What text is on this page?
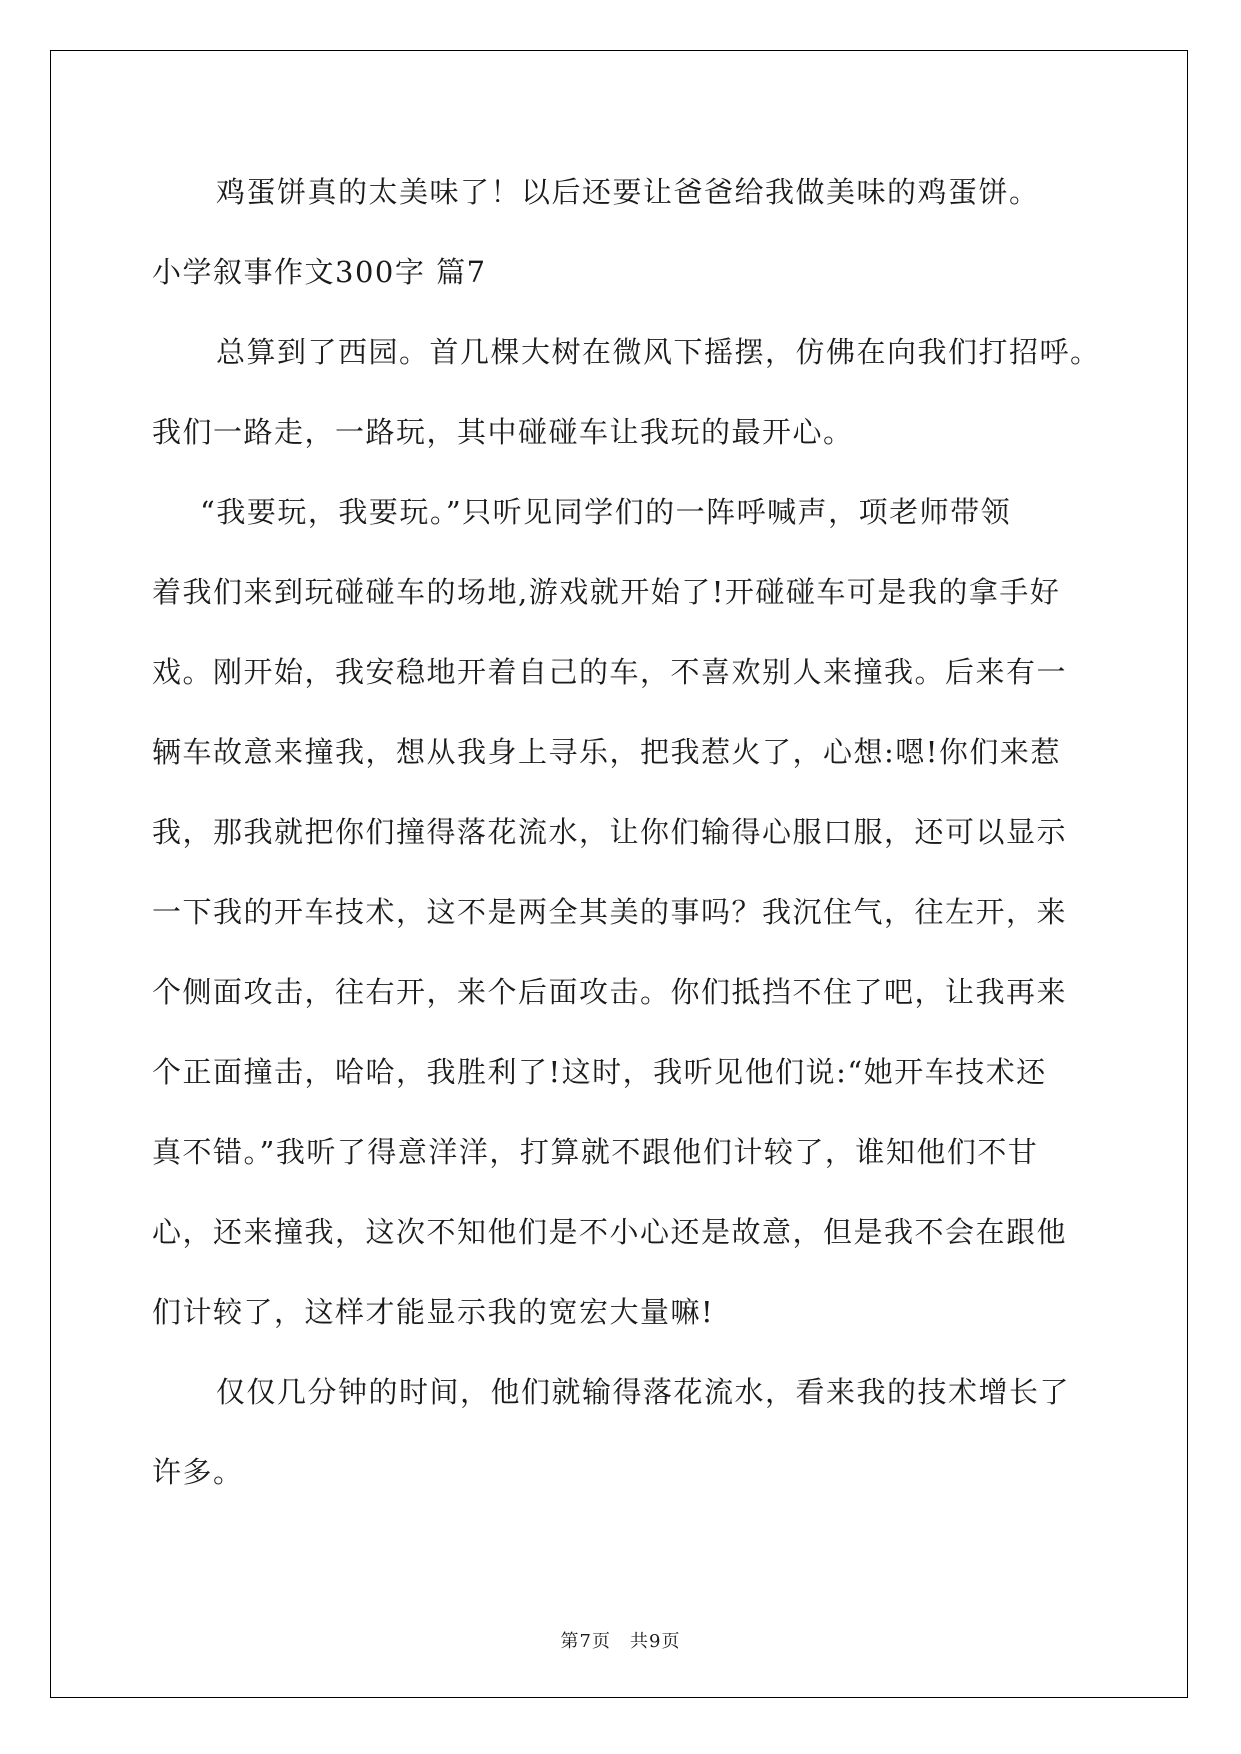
鸡蛋饼真的太美味了！以后还要让爸爸给我做美味的鸡蛋饼。

小学叙事作文300字 篇7

总算到了西园。首几棵大树在微风下摇摆，仿佛在向我们打招呼。

我们一路走，一路玩，其中碰碰车让我玩的最开心。

“我要玩，我要玩。”只听见同学们的一阵呼喊声，项老师带领

着我们来到玩碰碰车的场地,游戏就开始了!开碰碰车可是我的拿手好

戏。刚开始，我安稳地开着自己的车，不喜欢别人来撞我。后来有一

辆车故意来撞我，想从我身上寻乐，把我惹火了，心想:嗯!你们来惹

我，那我就把你们撞得落花流水，让你们输得心服口服，还可以显示

一下我的开车技术，这不是两全其美的事吗？我沉住气，往左开，来

个侧面攻击，往右开，来个后面攻击。你们抵挡不住了吧，让我再来

个正面撞击，哈哈，我胜利了!这时，我听见他们说:“她开车技术还

真不错。”我听了得意洋洋，打算就不跟他们计较了，谁知他们不甘

心，还来撞我，这次不知他们是不小心还是故意，但是我不会在跟他

们计较了，这样才能显示我的宽宏大量嘛!

仅仅几分钟的时间，他们就输得落花流水，看来我的技术增长了

许多。

第7页　共9页
